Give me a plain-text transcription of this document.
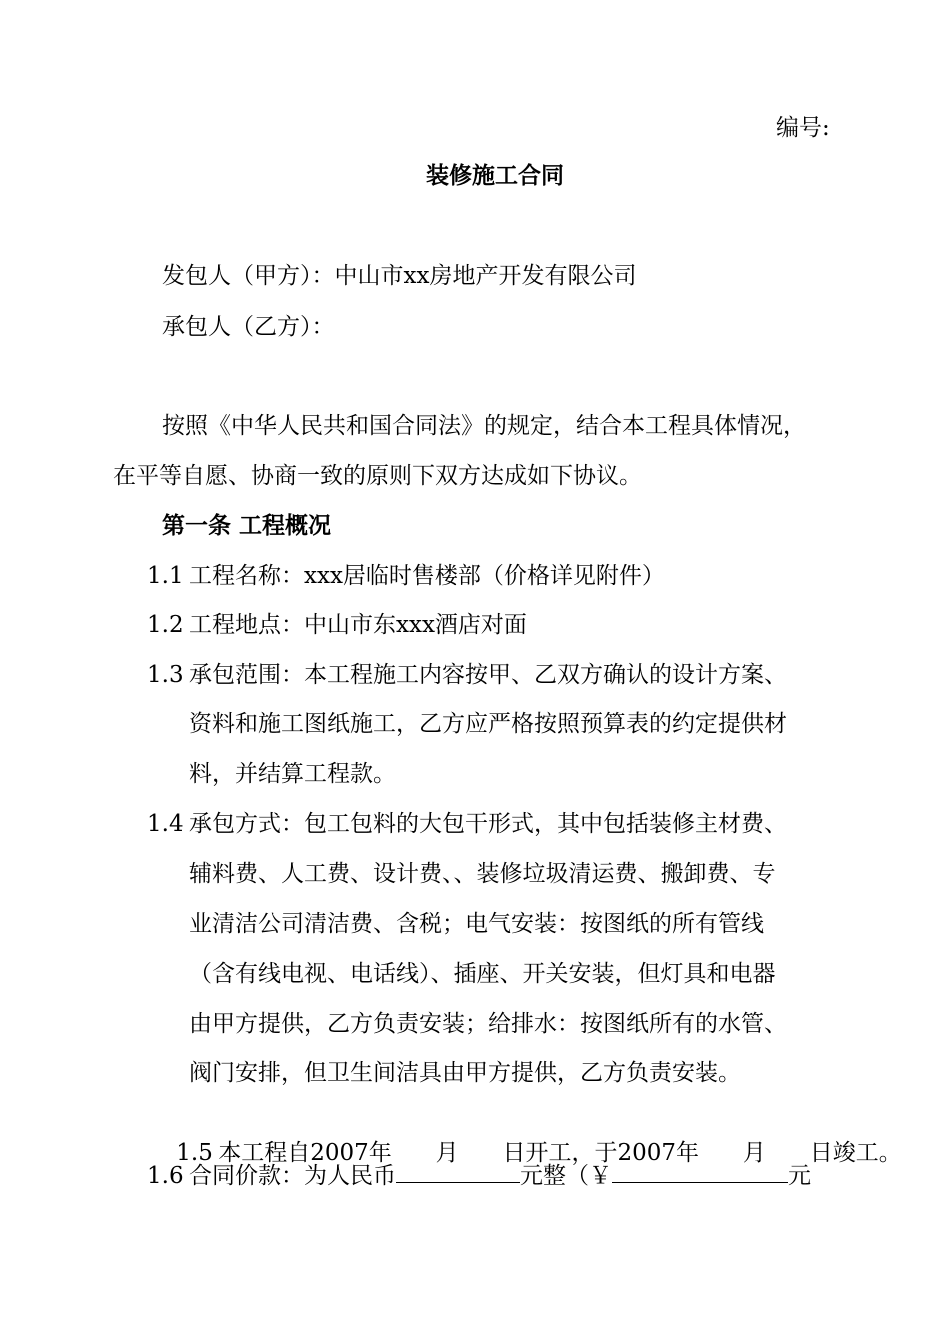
编号:
装修施工合同
发包人（甲方）：中山市xx房地产开发有限公司
承包人（乙方）：
按照《中华人民共和国合同法》的规定，结合本工程具体情况，
在平等自愿、协商一致的原则下双方达成如下协议。
第一条 工程概况
1.1 工程名称：xxx居临时售楼部（价格详见附件）
1.2 工程地点：中山市东xxx酒店对面
1.3 承包范围：本工程施工内容按甲、乙双方确认的设计方案、
资料和施工图纸施工，乙方应严格按照预算表的约定提供材
料，并结算工程款。
1.4 承包方式：包工包料的大包干形式，其中包括装修主材费、
辅料费、人工费、设计费、、装修垃圾清运费、搬卸费、专
业清洁公司清洁费、含税；电气安装：按图纸的所有管线
（含有线电视、电话线）、插座、开关安装，但灯具和电器
由甲方提供，乙方负责安装；给排水：按图纸所有的水管、
阀门安排，但卫生间洁具由甲方提供，乙方负责安装。

1.5 本工程自2007年      月      日开工，于2007年      月      日竣工。

1.6 合同价款：为人民币	元整（￥	元
